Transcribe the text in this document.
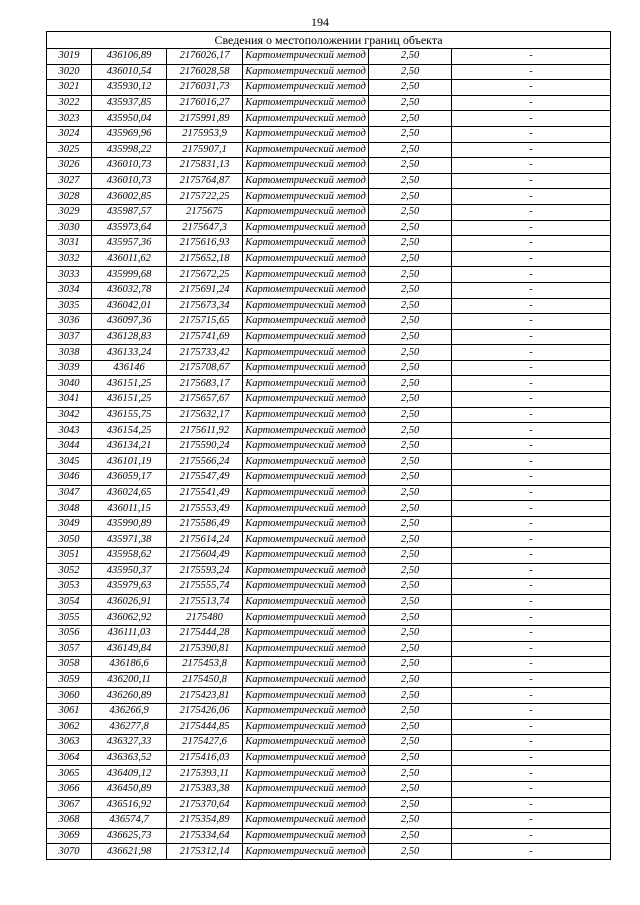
194
Сведения о местоположении границ объекта					
3019	436106,89	2176026,17	Картометрический метод	2,50	-
3020	436010,54	2176028,58	Картометрический метод	2,50	-
3021	435930,12	2176031,73	Картометрический метод	2,50	-
3022	435937,85	2176016,27	Картометрический метод	2,50	-
3023	435950,04	2175991,89	Картометрический метод	2,50	-
3024	435969,96	2175953,9	Картометрический метод	2,50	-
3025	435998,22	2175907,1	Картометрический метод	2,50	-
3026	436010,73	2175831,13	Картометрический метод	2,50	-
3027	436010,73	2175764,87	Картометрический метод	2,50	-
3028	436002,85	2175722,25	Картометрический метод	2,50	-
3029	435987,57	2175675	Картометрический метод	2,50	-
3030	435973,64	2175647,3	Картометрический метод	2,50	-
3031	435957,36	2175616,93	Картометрический метод	2,50	-
3032	436011,62	2175652,18	Картометрический метод	2,50	-
3033	435999,68	2175672,25	Картометрический метод	2,50	-
3034	436032,78	2175691,24	Картометрический метод	2,50	-
3035	436042,01	2175673,34	Картометрический метод	2,50	-
3036	436097,36	2175715,65	Картометрический метод	2,50	-
3037	436128,83	2175741,69	Картометрический метод	2,50	-
3038	436133,24	2175733,42	Картометрический метод	2,50	-
3039	436146	2175708,67	Картометрический метод	2,50	-
3040	436151,25	2175683,17	Картометрический метод	2,50	-
3041	436151,25	2175657,67	Картометрический метод	2,50	-
3042	436155,75	2175632,17	Картометрический метод	2,50	-
3043	436154,25	2175611,92	Картометрический метод	2,50	-
3044	436134,21	2175590,24	Картометрический метод	2,50	-
3045	436101,19	2175566,24	Картометрический метод	2,50	-
3046	436059,17	2175547,49	Картометрический метод	2,50	-
3047	436024,65	2175541,49	Картометрический метод	2,50	-
3048	436011,15	2175553,49	Картометрический метод	2,50	-
3049	435990,89	2175586,49	Картометрический метод	2,50	-
3050	435971,38	2175614,24	Картометрический метод	2,50	-
3051	435958,62	2175604,49	Картометрический метод	2,50	-
3052	435950,37	2175593,24	Картометрический метод	2,50	-
3053	435979,63	2175555,74	Картометрический метод	2,50	-
3054	436026,91	2175513,74	Картометрический метод	2,50	-
3055	436062,92	2175480	Картометрический метод	2,50	-
3056	436111,03	2175444,28	Картометрический метод	2,50	-
3057	436149,84	2175390,81	Картометрический метод	2,50	-
3058	436186,6	2175453,8	Картометрический метод	2,50	-
3059	436200,11	2175450,8	Картометрический метод	2,50	-
3060	436260,89	2175423,81	Картометрический метод	2,50	-
3061	436266,9	2175426,06	Картометрический метод	2,50	-
3062	436277,8	2175444,85	Картометрический метод	2,50	-
3063	436327,33	2175427,6	Картометрический метод	2,50	-
3064	436363,52	2175416,03	Картометрический метод	2,50	-
3065	436409,12	2175393,11	Картометрический метод	2,50	-
3066	436450,89	2175383,38	Картометрический метод	2,50	-
3067	436516,92	2175370,64	Картометрический метод	2,50	-
3068	436574,7	2175354,89	Картометрический метод	2,50	-
3069	436625,73	2175334,64	Картометрический метод	2,50	-
3070	436621,98	2175312,14	Картометрический метод	2,50	-
